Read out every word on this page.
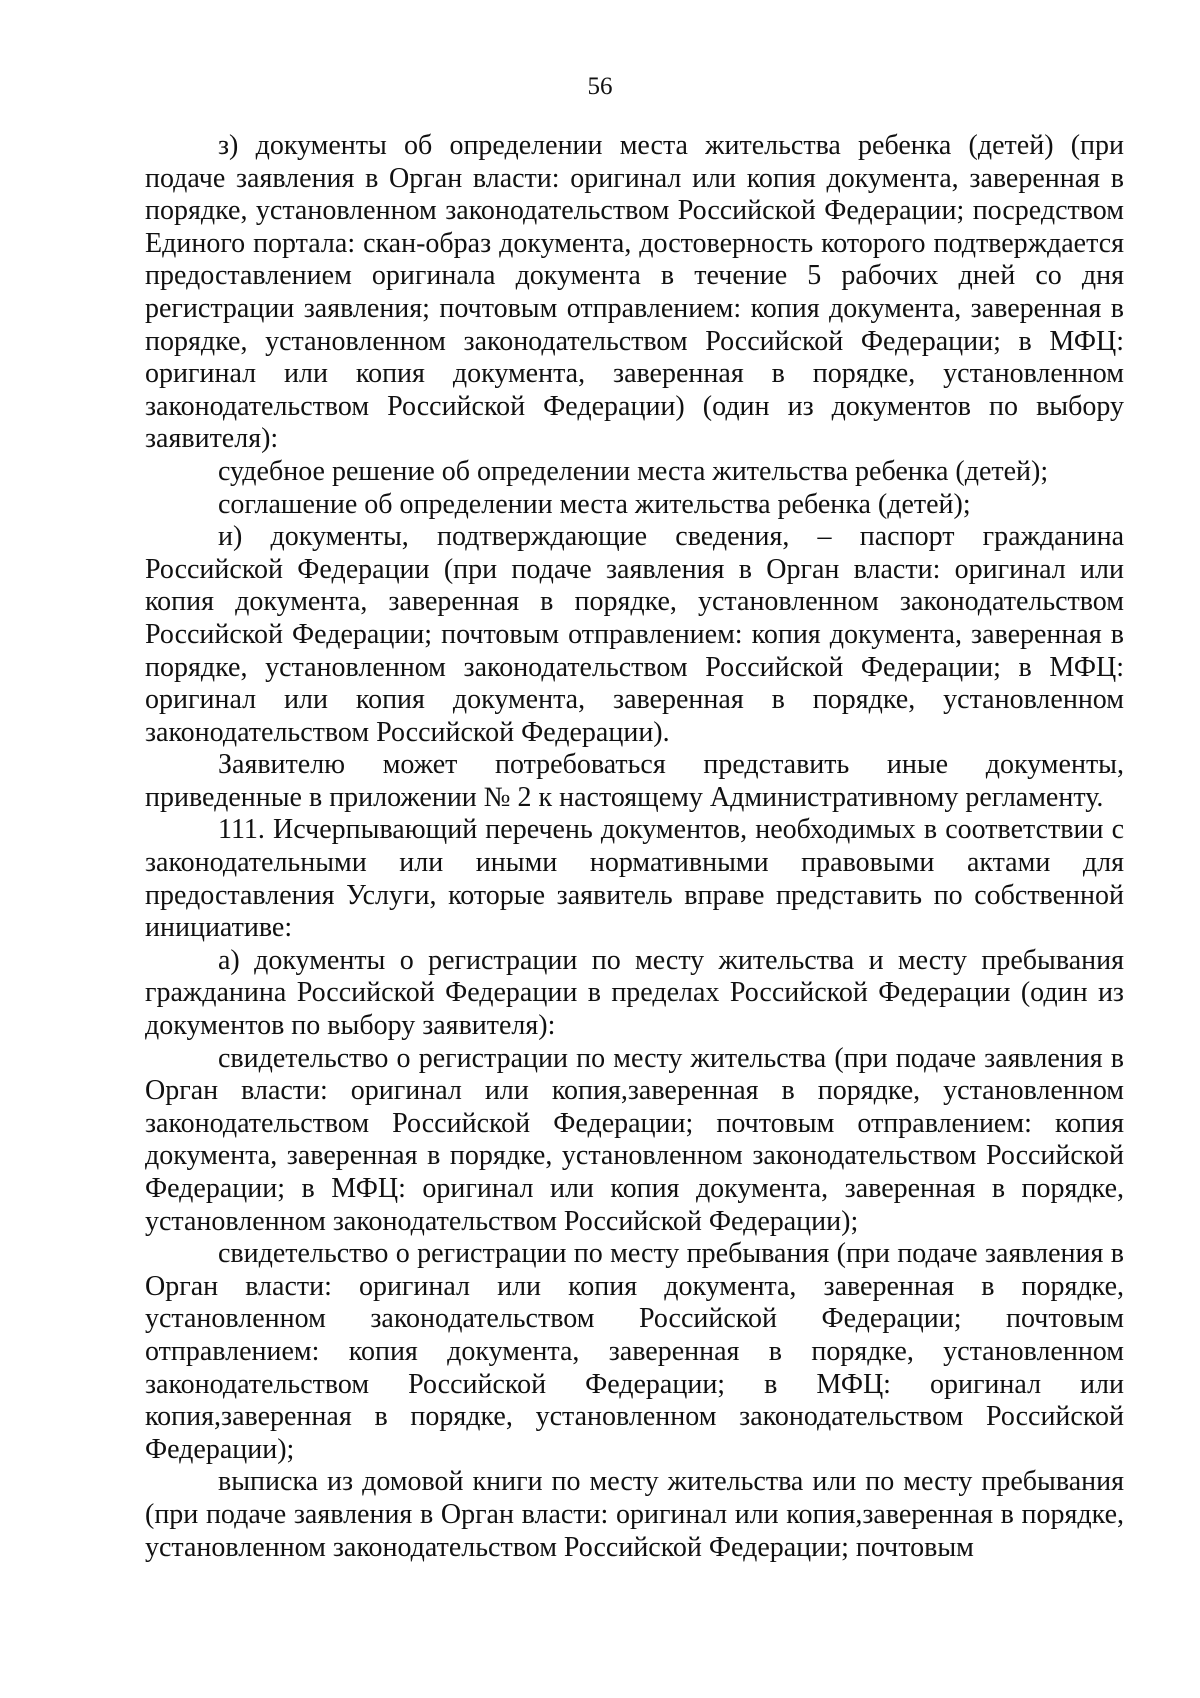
56

з) документы об определении места жительства ребенка (детей) (при подаче заявления в Орган власти: оригинал или копия документа, заверенная в порядке, установленном законодательством Российской Федерации; посредством Единого портала: скан-образ документа, достоверность которого подтверждается предоставлением оригинала документа в течение 5 рабочих дней со дня регистрации заявления; почтовым отправлением: копия документа, заверенная в порядке, установленном законодательством Российской Федерации; в МФЦ: оригинал или копия документа, заверенная в порядке, установленном законодательством Российской Федерации) (один из документов по выбору заявителя):

судебное решение об определении места жительства ребенка (детей);

соглашение об определении места жительства ребенка (детей);

и) документы, подтверждающие сведения, – паспорт гражданина Российской Федерации (при подаче заявления в Орган власти: оригинал или копия документа, заверенная в порядке, установленном законодательством Российской Федерации; почтовым отправлением: копия документа, заверенная в порядке, установленном законодательством Российской Федерации; в МФЦ: оригинал или копия документа, заверенная в порядке, установленном законодательством Российской Федерации).

Заявителю может потребоваться представить иные документы, приведенные в приложении № 2 к настоящему Административному регламенту.

111. Исчерпывающий перечень документов, необходимых в соответствии с законодательными или иными нормативными правовыми актами для предоставления Услуги, которые заявитель вправе представить по собственной инициативе:

а) документы о регистрации по месту жительства и месту пребывания гражданина Российской Федерации в пределах Российской Федерации (один из документов по выбору заявителя):

свидетельство о регистрации по месту жительства (при подаче заявления в Орган власти: оригинал или копия,заверенная в порядке, установленном законодательством Российской Федерации; почтовым отправлением: копия документа, заверенная в порядке, установленном законодательством Российской Федерации; в МФЦ: оригинал или копия документа, заверенная в порядке, установленном законодательством Российской Федерации);

свидетельство о регистрации по месту пребывания (при подаче заявления в Орган власти: оригинал или копия документа, заверенная в порядке, установленном законодательством Российской Федерации; почтовым отправлением: копия документа, заверенная в порядке, установленном законодательством Российской Федерации; в МФЦ: оригинал или копия,заверенная в порядке, установленном законодательством Российской Федерации);

выписка из домовой книги по месту жительства или по месту пребывания (при подаче заявления в Орган власти: оригинал или копия,заверенная в порядке, установленном законодательством Российской Федерации; почтовым
